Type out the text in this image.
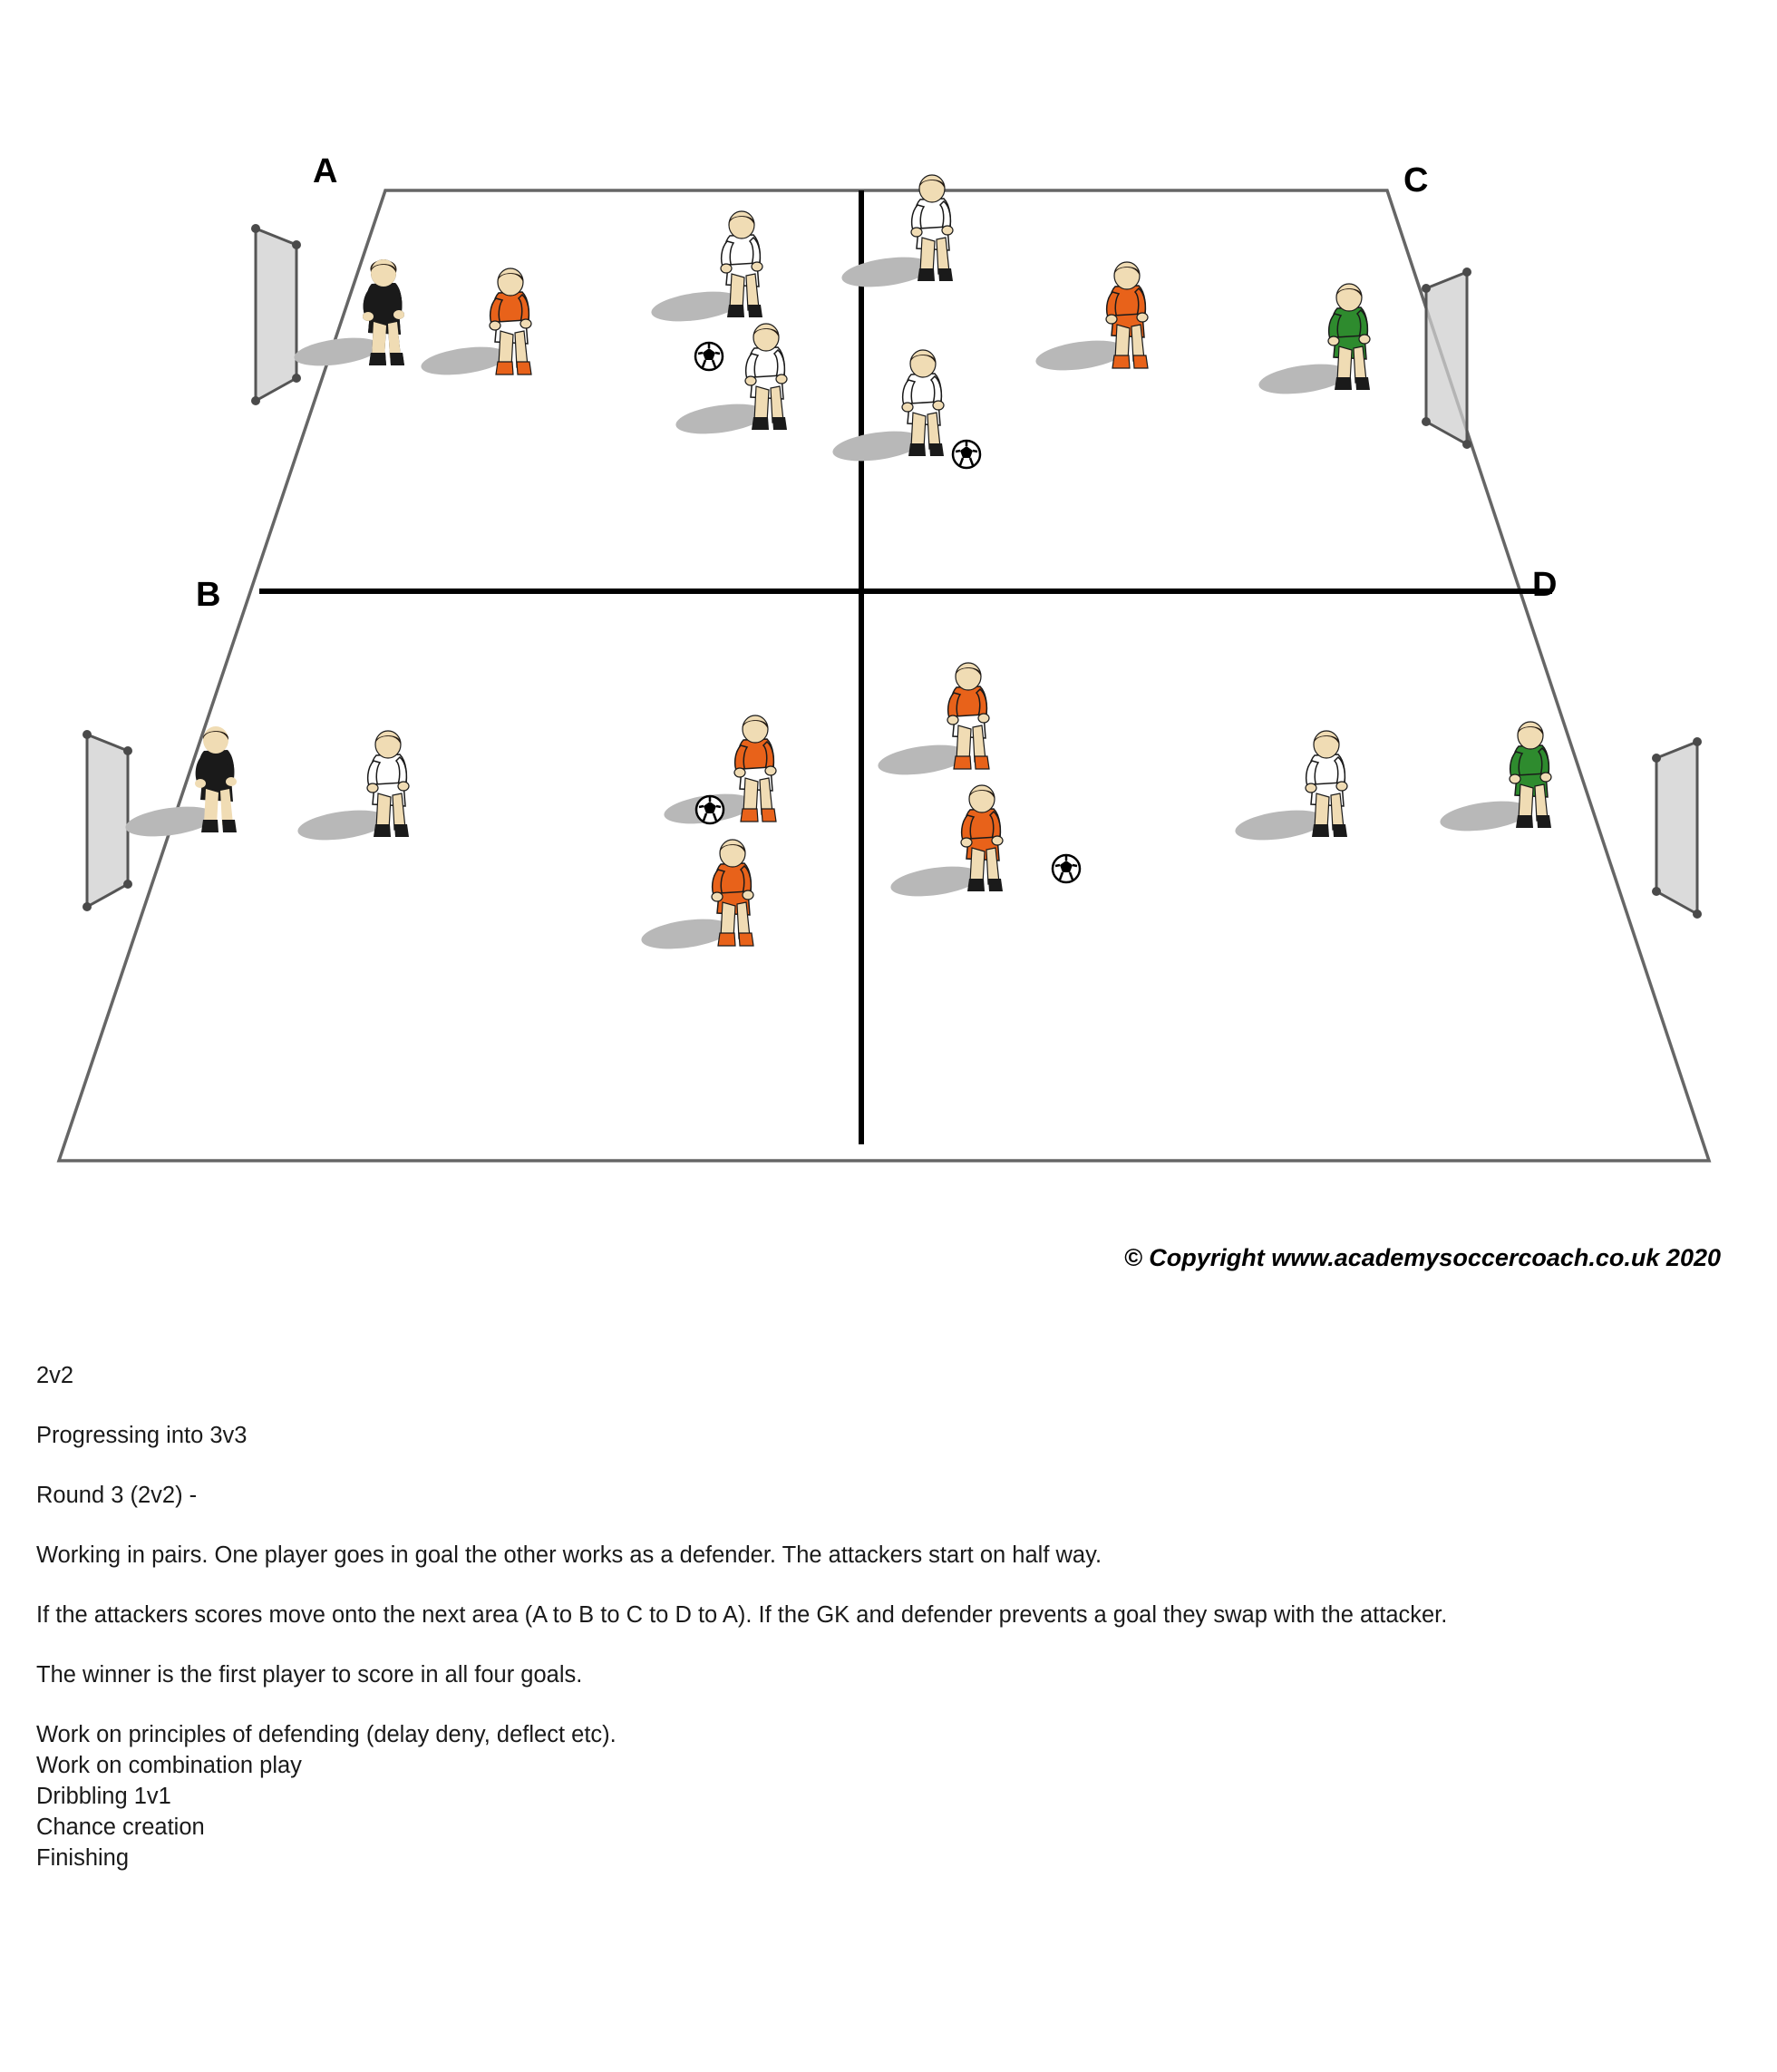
A	C
B	D
© Copyright www.academysoccercoach.co.uk 2020

2v2

Progressing into 3v3

Round 3 (2v2) -

Working in pairs. One player goes in goal the other works as a defender. The attackers start on half way.

If the attackers scores move onto the next area (A to B to C to D to A). If the GK and defender prevents a goal they swap with the attacker.

The winner is the first player to score in all four goals.

Work on principles of defending (delay deny, deflect etc).

Work on combination play

Dribbling 1v1

Chance creation

Finishing
